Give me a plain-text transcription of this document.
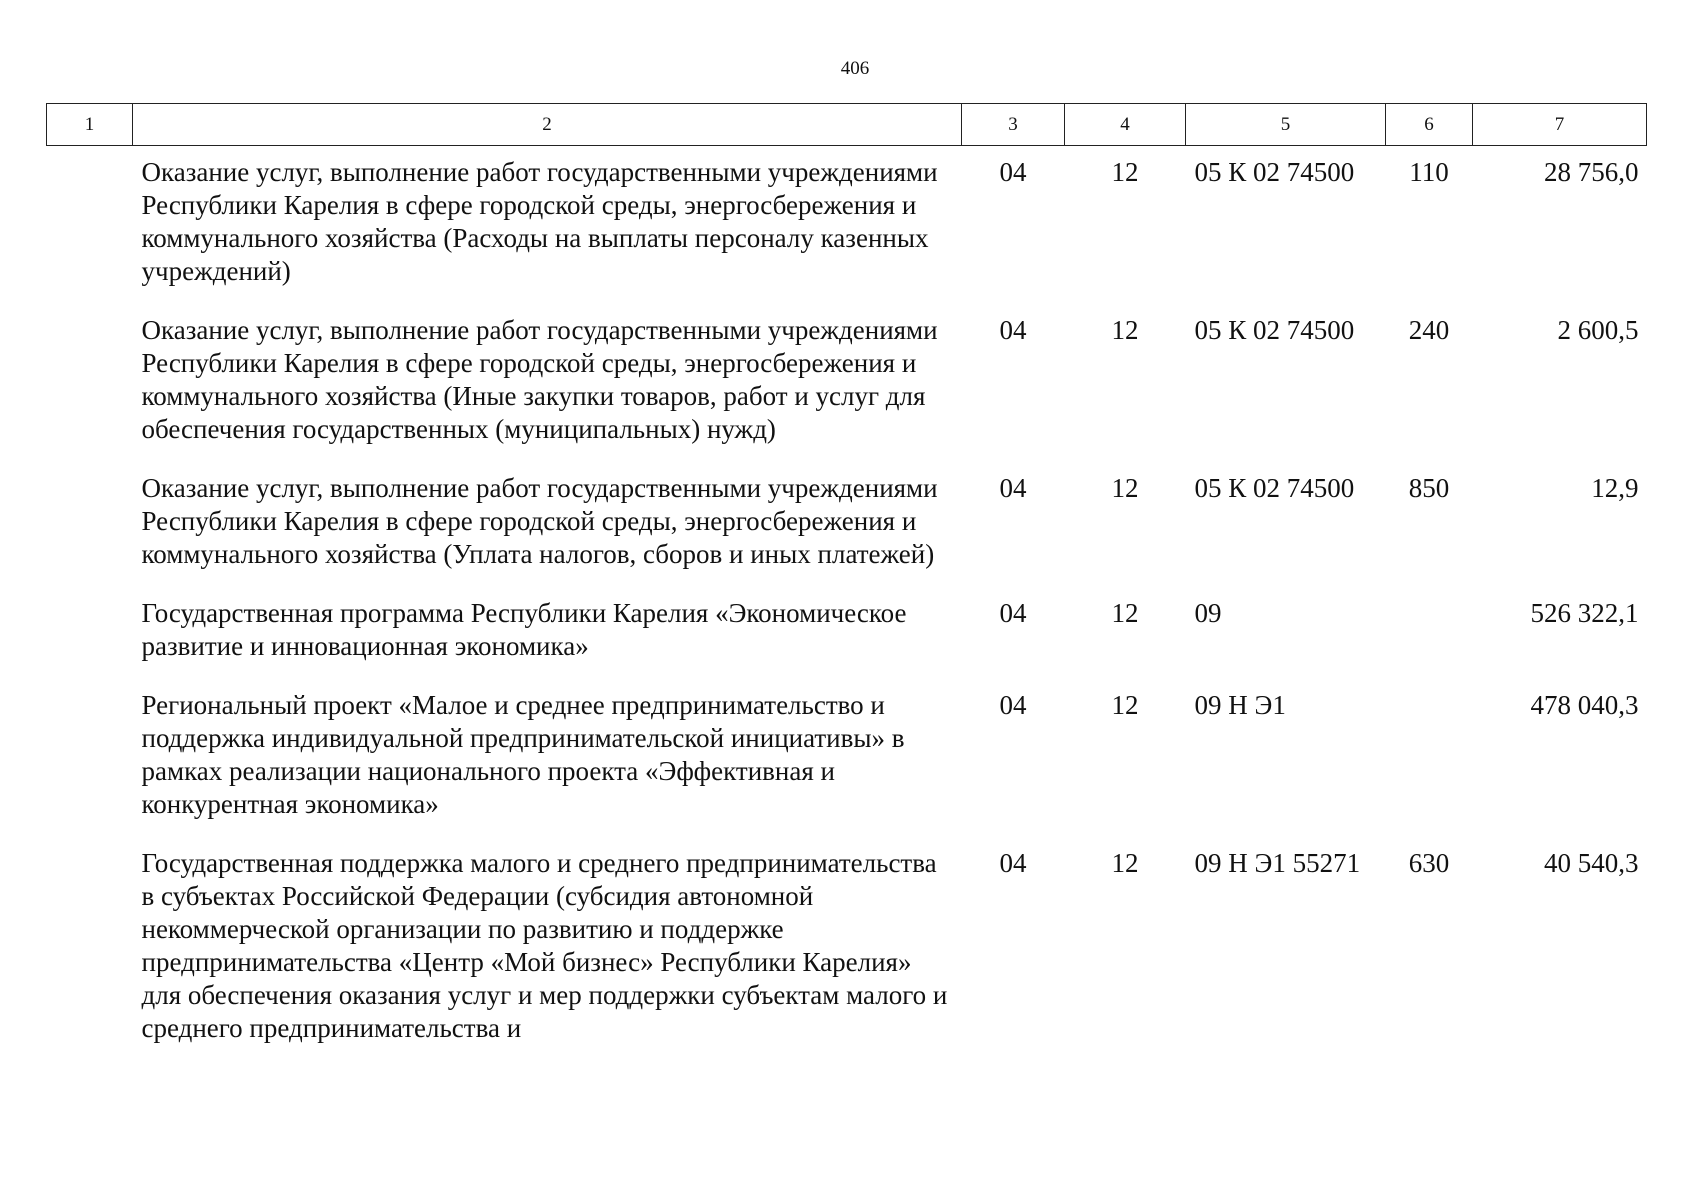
406
1	2	3	4	5	6	7
	Оказание услуг, выполнение работ государственными учреждениями Республики Карелия в сфере городской среды, энергосбережения и коммунального хозяйства (Расходы на выплаты персоналу казенных учреждений)	04	12	05 К 02 74500	110	28 756,0
	Оказание услуг, выполнение работ государственными учреждениями Республики Карелия в сфере городской среды, энергосбережения и коммунального хозяйства (Иные закупки товаров, работ и услуг для обеспечения государственных (муниципальных) нужд)	04	12	05 К 02 74500	240	2 600,5
	Оказание услуг, выполнение работ государственными учреждениями Республики Карелия в сфере городской среды, энергосбережения и коммунального хозяйства (Уплата налогов, сборов и иных платежей)	04	12	05 К 02 74500	850	12,9
	Государственная программа Республики Карелия «Экономическое развитие и инновационная экономика»	04	12	09		526 322,1
	Региональный проект «Малое и среднее предпринимательство и поддержка индивидуальной предпринимательской инициативы» в рамках реализации национального проекта «Эффективная и конкурентная экономика»	04	12	09 Н Э1		478 040,3
	Государственная поддержка малого и среднего предпринимательства в субъектах Российской Федерации (субсидия автономной некоммерческой организации по развитию и поддержке предпринимательства «Центр «Мой бизнес» Республики Карелия» для обеспечения оказания услуг и мер поддержки субъектам малого и среднего предпринимательства и	04	12	09 Н Э1 55271	630	40 540,3
